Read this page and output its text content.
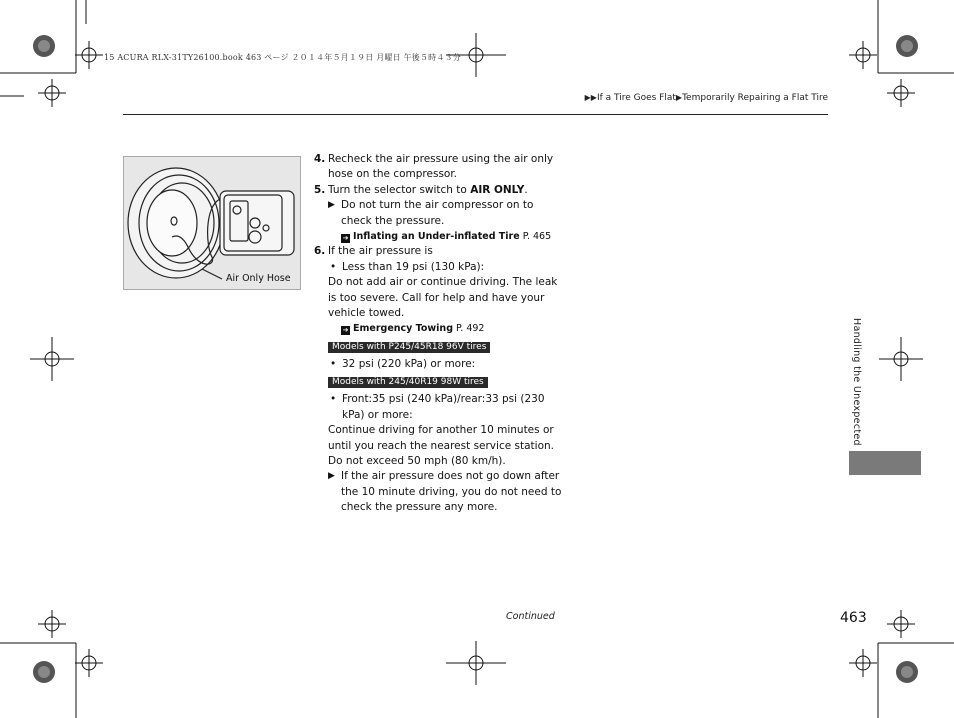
15 ACURA RLX-31TY26100.book 463 ページ ２０１４年５月１９日 月曜日 午後５時４３分
▶▶If a Tire Goes Flat▶Temporarily Repairing a Flat Tire
Air Only Hose
4. Recheck the air pressure using the air only hose on the compressor.
5. Turn the selector switch to AIR ONLY.
▶ Do not turn the air compressor on to check the pressure.
➔ Inflating an Under-inflated Tire P. 465
6. If the air pressure is
• Less than 19 psi (130 kPa):
Do not add air or continue driving. The leak is too severe. Call for help and have your vehicle towed.
➔ Emergency Towing P. 492
Models with P245/45R18 96V tires
• 32 psi (220 kPa) or more:
Models with 245/40R19 98W tires
• Front:35 psi (240 kPa)/rear:33 psi (230 kPa) or more:
Continue driving for another 10 minutes or until you reach the nearest service station. Do not exceed 50 mph (80 km/h).
▶ If the air pressure does not go down after the 10 minute driving, you do not need to check the pressure any more.
Handling the Unexpected
Continued	463
